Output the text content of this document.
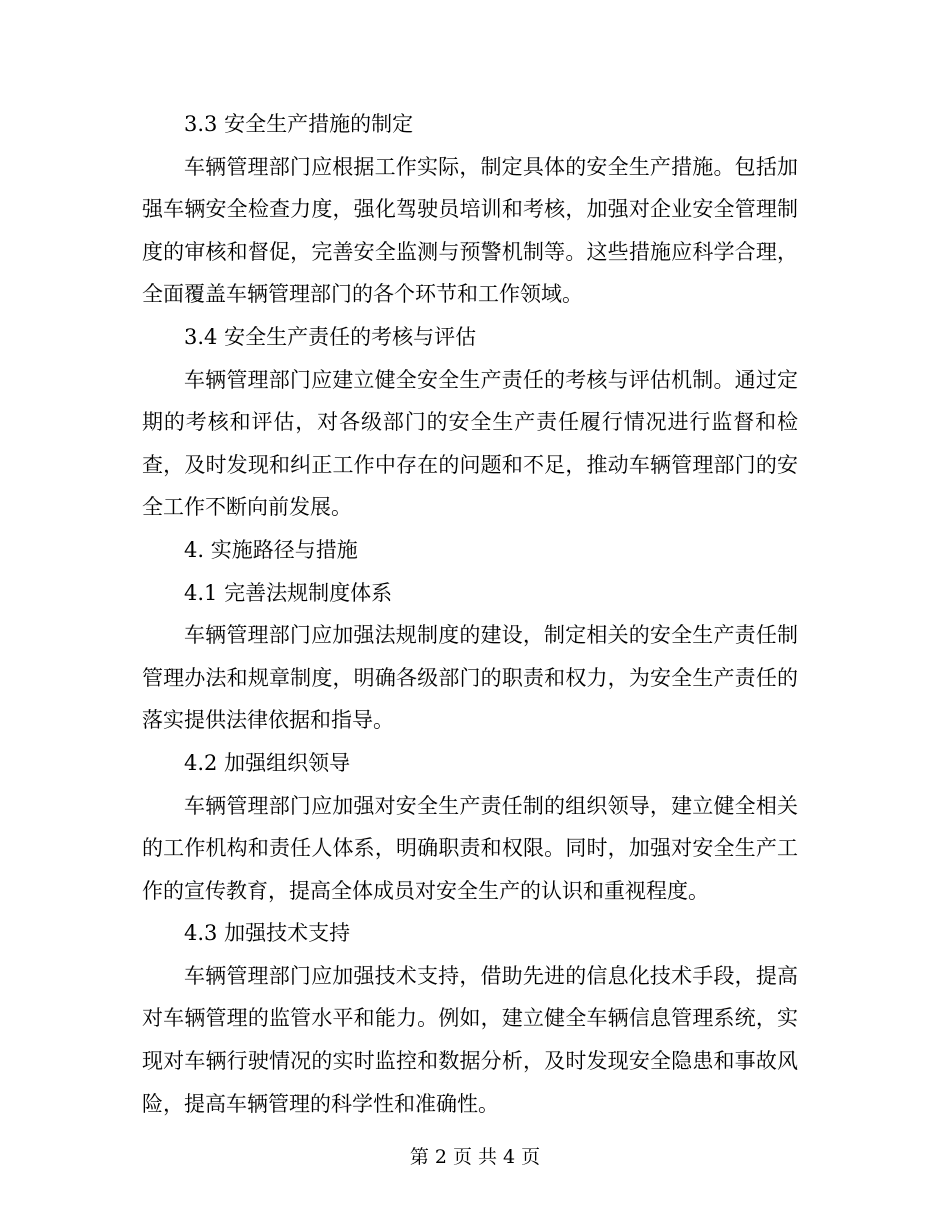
3.3 安全生产措施的制定

车辆管理部门应根据工作实际，制定具体的安全生产措施。包括加强车辆安全检查力度，强化驾驶员培训和考核，加强对企业安全管理制度的审核和督促，完善安全监测与预警机制等。这些措施应科学合理，全面覆盖车辆管理部门的各个环节和工作领域。

3.4 安全生产责任的考核与评估

车辆管理部门应建立健全安全生产责任的考核与评估机制。通过定期的考核和评估，对各级部门的安全生产责任履行情况进行监督和检查，及时发现和纠正工作中存在的问题和不足，推动车辆管理部门的安全工作不断向前发展。

4. 实施路径与措施

4.1 完善法规制度体系

车辆管理部门应加强法规制度的建设，制定相关的安全生产责任制管理办法和规章制度，明确各级部门的职责和权力，为安全生产责任的落实提供法律依据和指导。

4.2 加强组织领导

车辆管理部门应加强对安全生产责任制的组织领导，建立健全相关的工作机构和责任人体系，明确职责和权限。同时，加强对安全生产工作的宣传教育，提高全体成员对安全生产的认识和重视程度。

4.3 加强技术支持

车辆管理部门应加强技术支持，借助先进的信息化技术手段，提高对车辆管理的监管水平和能力。例如，建立健全车辆信息管理系统，实现对车辆行驶情况的实时监控和数据分析，及时发现安全隐患和事故风险，提高车辆管理的科学性和准确性。

第 2 页 共 4 页
